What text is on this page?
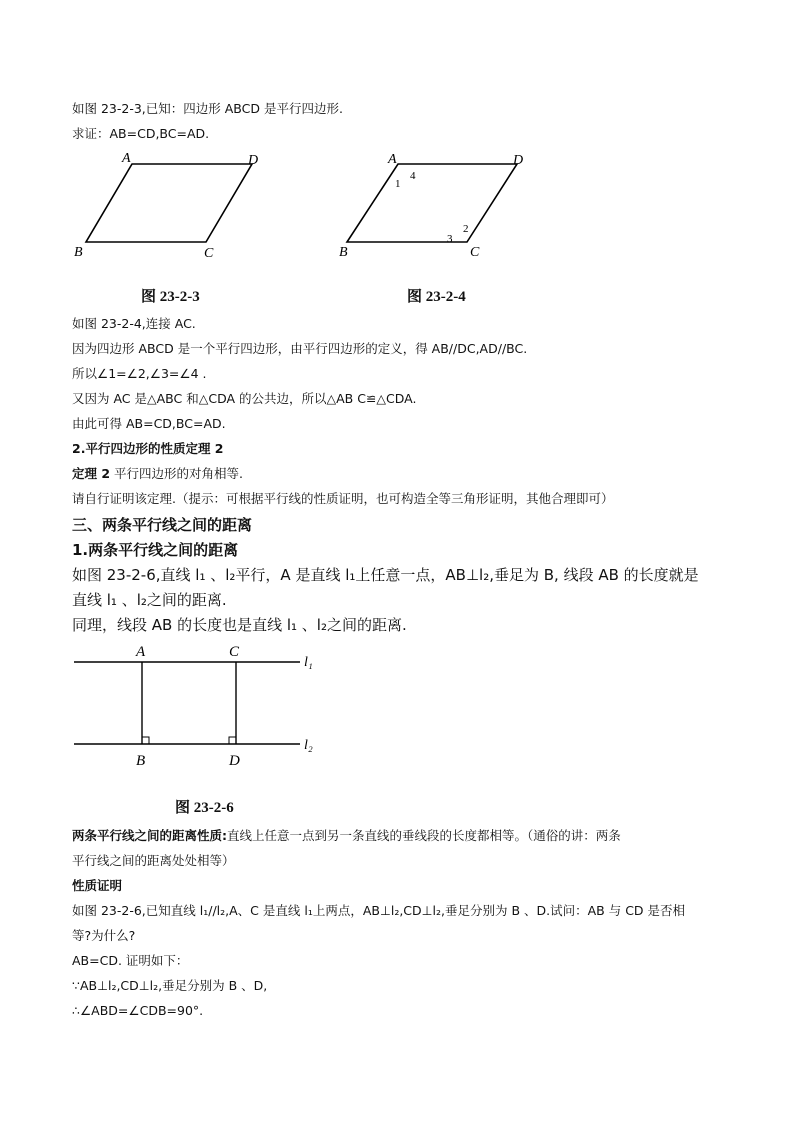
如图 23-2-3,已知：四边形 ABCD 是平行四边形.
求证：AB=CD,BC=AD.
A	D
B	C
图 23-2-3
A	D
B	C
1
4
2
3
图 23-2-4
如图 23-2-4,连接 AC.
因为四边形 ABCD 是一个平行四边形，由平行四边形的定义，得 AB//DC,AD//BC.
所以∠1=∠2,∠3=∠4 .
又因为 AC 是△ABC 和△CDA 的公共边，所以△AB C≌△CDA.
由此可得 AB=CD,BC=AD.
2.平行四边形的性质定理 2
定理 2 平行四边形的对角相等.
请自行证明该定理.（提示：可根据平行线的性质证明，也可构造全等三角形证明，其他合理即可）
三、两条平行线之间的距离
1.两条平行线之间的距离
如图 23-2-6,直线 l₁ 、l₂平行，A 是直线 l₁上任意一点，AB⊥l₂,垂足为 B, 线段 AB 的长度就是
直线 l₁ 、l₂之间的距离.
同理，线段 AB 的长度也是直线 l₁ 、l₂之间的距离.
A	C
B	D
l₁
l₂
图 23-2-6
两条平行线之间的距离性质:直线上任意一点到另一条直线的垂线段的长度都相等。（通俗的讲：两条
平行线之间的距离处处相等）
性质证明
如图 23-2-6,已知直线 l₁//l₂,A、C 是直线 l₁上两点，AB⊥l₂,CD⊥l₂,垂足分别为 B 、D.试问：AB 与 CD 是否相
等?为什么?
AB=CD. 证明如下：
∵AB⊥l₂,CD⊥l₂,垂足分别为 B 、D,
∴∠ABD=∠CDB=90°.
